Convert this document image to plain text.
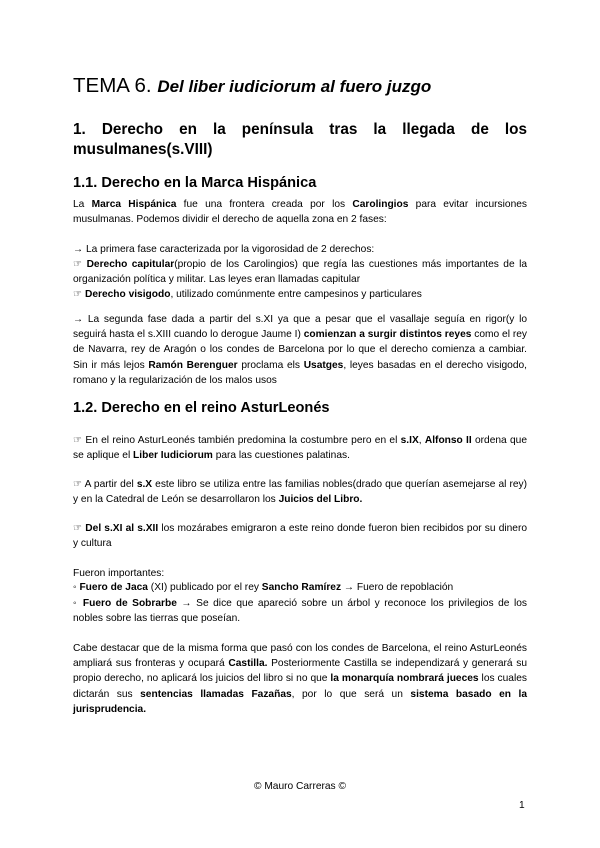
TEMA 6. Del liber iudiciorum al fuero juzgo
1. Derecho en la península tras la llegada de los musulmanes(s.VIII)
1.1. Derecho en la Marca Hispánica
La Marca Hispánica fue una frontera creada por los Carolingios para evitar incursiones musulmanas. Podemos dividir el derecho de aquella zona en 2 fases:
→ La primera fase caracterizada por la vigorosidad de 2 derechos:
☞ Derecho capitular(propio de los Carolingios) que regía las cuestiones más importantes de la organización política y militar. Las leyes eran llamadas capitular
☞ Derecho visigodo, utilizado comúnmente entre campesinos y particulares
→ La segunda fase dada a partir del s.XI ya que a pesar que el vasallaje seguía en rigor(y lo seguirá hasta el s.XIII cuando lo derogue Jaume I) comienzan a surgir distintos reyes como el rey de Navarra, rey de Aragón o los condes de Barcelona por lo que el derecho comienza a cambiar. Sin ir más lejos Ramón Berenguer proclama els Usatges, leyes basadas en el derecho visigodo, romano y la regularización de los malos usos
1.2. Derecho en el reino AsturLeonés
☞ En el reino AsturLeonés también predomina la costumbre pero en el s.IX, Alfonso II ordena que se aplique el Liber Iudiciorum para las cuestiones palatinas.
☞ A partir del s.X este libro se utiliza entre las familias nobles(drado que querían asemejarse al rey) y en la Catedral de León se desarrollaron los Juicios del Libro.
☞ Del s.XI al s.XII los mozárabes emigraron a este reino donde fueron bien recibidos por su dinero y cultura
Fueron importantes:
◦ Fuero de Jaca (XI) publicado por el rey Sancho Ramírez → Fuero de repoblación
◦ Fuero de Sobrarbe → Se dice que apareció sobre un árbol y reconoce los privilegios de los nobles sobre las tierras que poseían.
Cabe destacar que de la misma forma que pasó con los condes de Barcelona, el reino AsturLeonés ampliará sus fronteras y ocupará Castilla. Posteriormente Castilla se independizará y generará su propio derecho, no aplicará los juicios del libro si no que la monarquía nombrará jueces los cuales dictarán sus sentencias llamadas Fazañas, por lo que será un sistema basado en la jurisprudencia.
© Mauro Carreras ©
1
